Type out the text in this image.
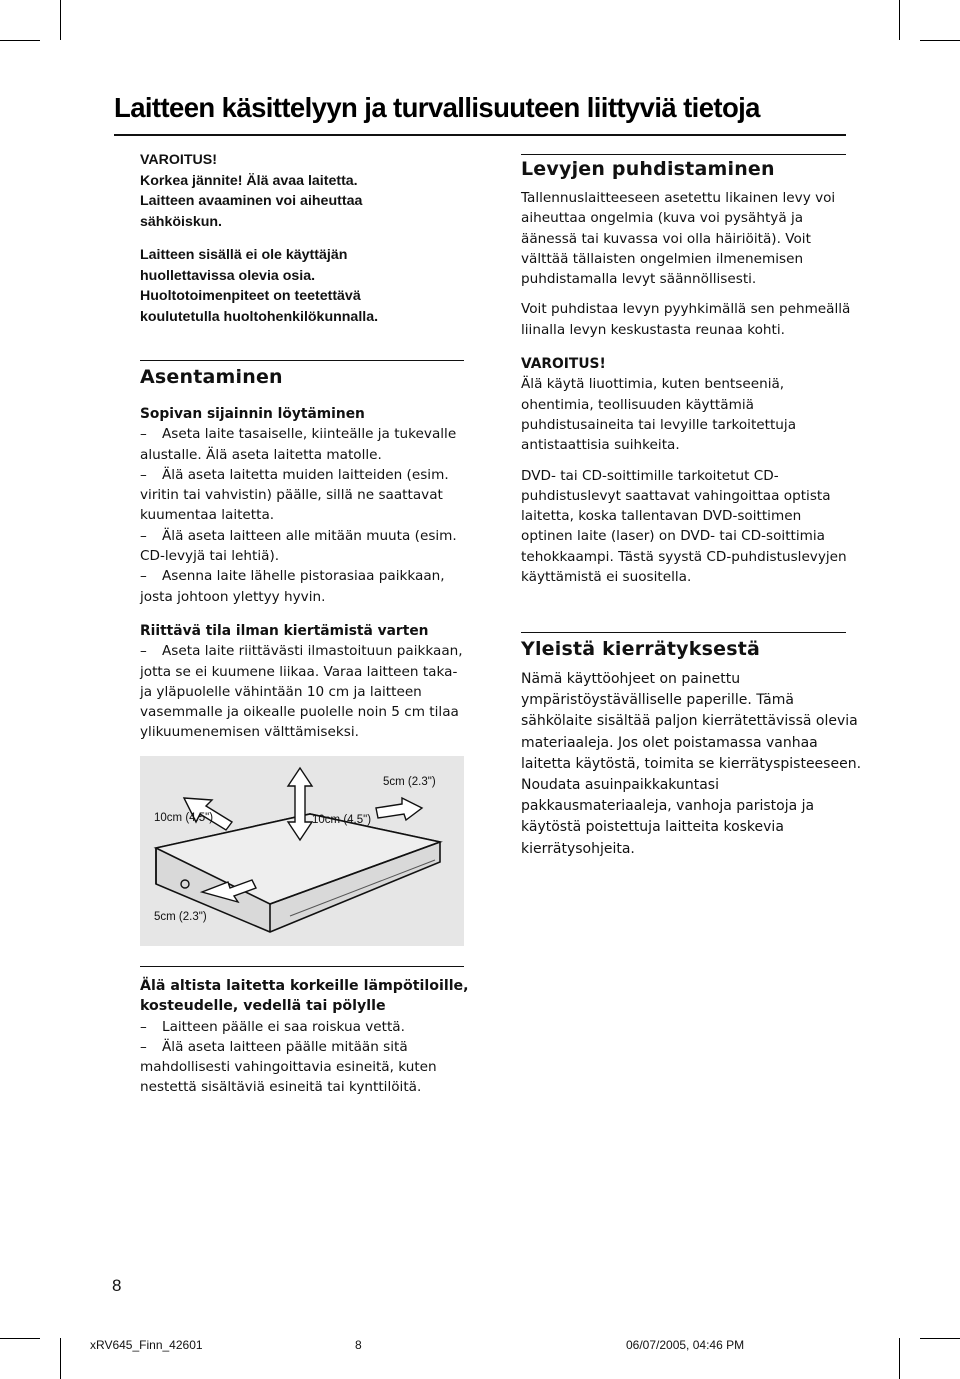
Laitteen käsittelyyn ja turvallisuuteen liittyviä tietoja
VAROITUS!
Korkea jännite! Älä avaa laitetta.
Laitteen avaaminen voi aiheuttaa
sähköiskun.
Laitteen sisällä ei ole käyttäjän
huollettavissa olevia osia.
Huoltotoimenpiteet on teetettävä
koulutetulla huoltohenkilökunnalla.
Asentaminen
Sopivan sijainnin löytäminen
– Aseta laite tasaiselle, kiinteälle ja tukevalle
alustalle. Älä aseta laitetta matolle.
– Älä aseta laitetta muiden laitteiden (esim.
viritin tai vahvistin) päälle, sillä ne saattavat
kuumentaa laitetta.
– Älä aseta laitteen alle mitään muuta (esim.
CD-levyjä tai lehtiä).
– Asenna laite lähelle pistorasiaa paikkaan,
josta johtoon ylettyy hyvin.
Riittävä tila ilman kiertämistä varten
– Aseta laite riittävästi ilmastoituun paikkaan,
jotta se ei kuumene liikaa. Varaa laitteen taka-
ja yläpuolelle vähintään 10 cm ja laitteen
vasemmalle ja oikealle puolelle noin 5 cm tilaa
ylikuumenemisen välttämiseksi.
5cm (2.3")
10cm (4.5")	10cm (4.5")
5cm (2.3")
Älä altista laitetta korkeille lämpötiloille,
kosteudelle, vedellä tai pölylle
– Laitteen päälle ei saa roiskua vettä.
– Älä aseta laitteen päälle mitään sitä
mahdollisesti vahingoittavia esineitä, kuten
nestettä sisältäviä esineitä tai kynttilöitä.
Levyjen puhdistaminen
Tallennuslaitteeseen asetettu likainen levy voi
aiheuttaa ongelmia (kuva voi pysähtyä ja
äänessä tai kuvassa voi olla häiriöitä). Voit
välttää tällaisten ongelmien ilmenemisen
puhdistamalla levyt säännöllisesti.
Voit puhdistaa levyn pyyhkimällä sen pehmeällä
liinalla levyn keskustasta reunaa kohti.
VAROITUS!
Älä käytä liuottimia, kuten bentseeniä,
ohentimia, teollisuuden käyttämiä
puhdistusaineita tai levyille tarkoitettuja
antistaattisia suihkeita.
DVD- tai CD-soittimille tarkoitetut CD-
puhdistuslevyt saattavat vahingoittaa optista
laitetta, koska tallentavan DVD-soittimen
optinen laite (laser) on DVD- tai CD-soittimia
tehokkaampi. Tästä syystä CD-puhdistuslevyjen
käyttämistä ei suositella.
Yleistä kierrätyksestä
Nämä käyttöohjeet on painettu
ympäristöystävälliselle paperille. Tämä
sähkölaite sisältää paljon kierrätettävissä olevia
materiaaleja. Jos olet poistamassa vanhaa
laitetta käytöstä, toimita se kierrätyspisteeseen.
Noudata asuinpaikkakuntasi
pakkausmateriaaleja, vanhoja paristoja ja
käytöstä poistettuja laitteita koskevia
kierrätysohjeita.
8
xRV645_Finn_42601	8	06/07/2005, 04:46 PM
